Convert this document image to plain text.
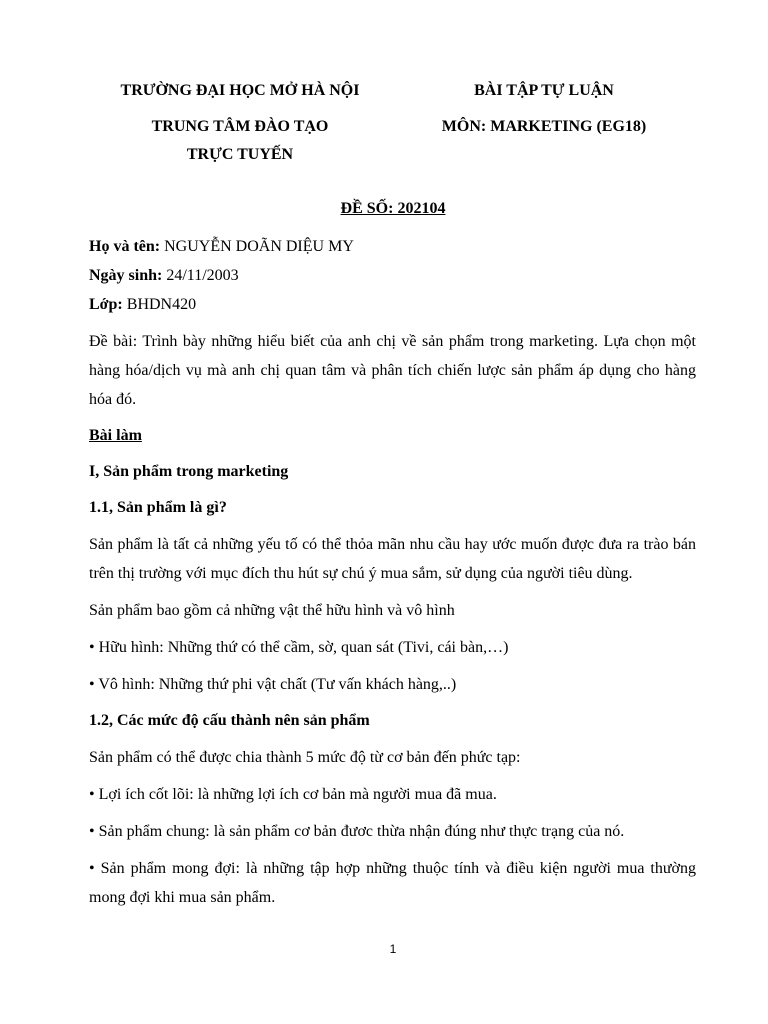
TRƯỜNG ĐẠI HỌC MỞ HÀ NỘI
TRUNG TÂM ĐÀO TẠO
TRỰC TUYẾN
BÀI TẬP TỰ LUẬN
MÔN: MARKETING (EG18)
ĐỀ SỐ: 202104
Họ và tên: NGUYỄN DOÃN DIỆU MY
Ngày sinh: 24/11/2003
Lớp: BHDN420
Đề bài: Trình bày những hiểu biết của anh chị về sản phẩm trong marketing. Lựa chọn một hàng hóa/dịch vụ mà anh chị quan tâm và phân tích chiến lược sản phẩm áp dụng cho hàng hóa đó.
Bài làm
I, Sản phẩm trong marketing
1.1, Sản phẩm là gì?
Sản phẩm là tất cả những yếu tố có thể thỏa mãn nhu cầu hay ước muốn được đưa ra trào bán trên thị trường với mục đích thu hút sự chú ý mua sắm, sử dụng của người tiêu dùng.
Sản phẩm bao gồm cả những vật thể hữu hình và vô hình
• Hữu hình: Những thứ có thể cầm, sờ, quan sát (Tivi, cái bàn,…)
• Vô hình: Những thứ phi vật chất (Tư vấn khách hàng,..)
1.2, Các mức độ cấu thành nên sản phẩm
Sản phẩm có thể được chia thành 5 mức độ từ cơ bản đến phức tạp:
• Lợi ích cốt lõi: là những lợi ích cơ bản mà người mua đã mua.
• Sản phẩm chung: là sản phẩm cơ bản đươc thừa nhận đúng như thực trạng của nó.
• Sản phẩm mong đợi: là những tập hợp những thuộc tính và điều kiện người mua thường mong đợi khi mua sản phẩm.
1
